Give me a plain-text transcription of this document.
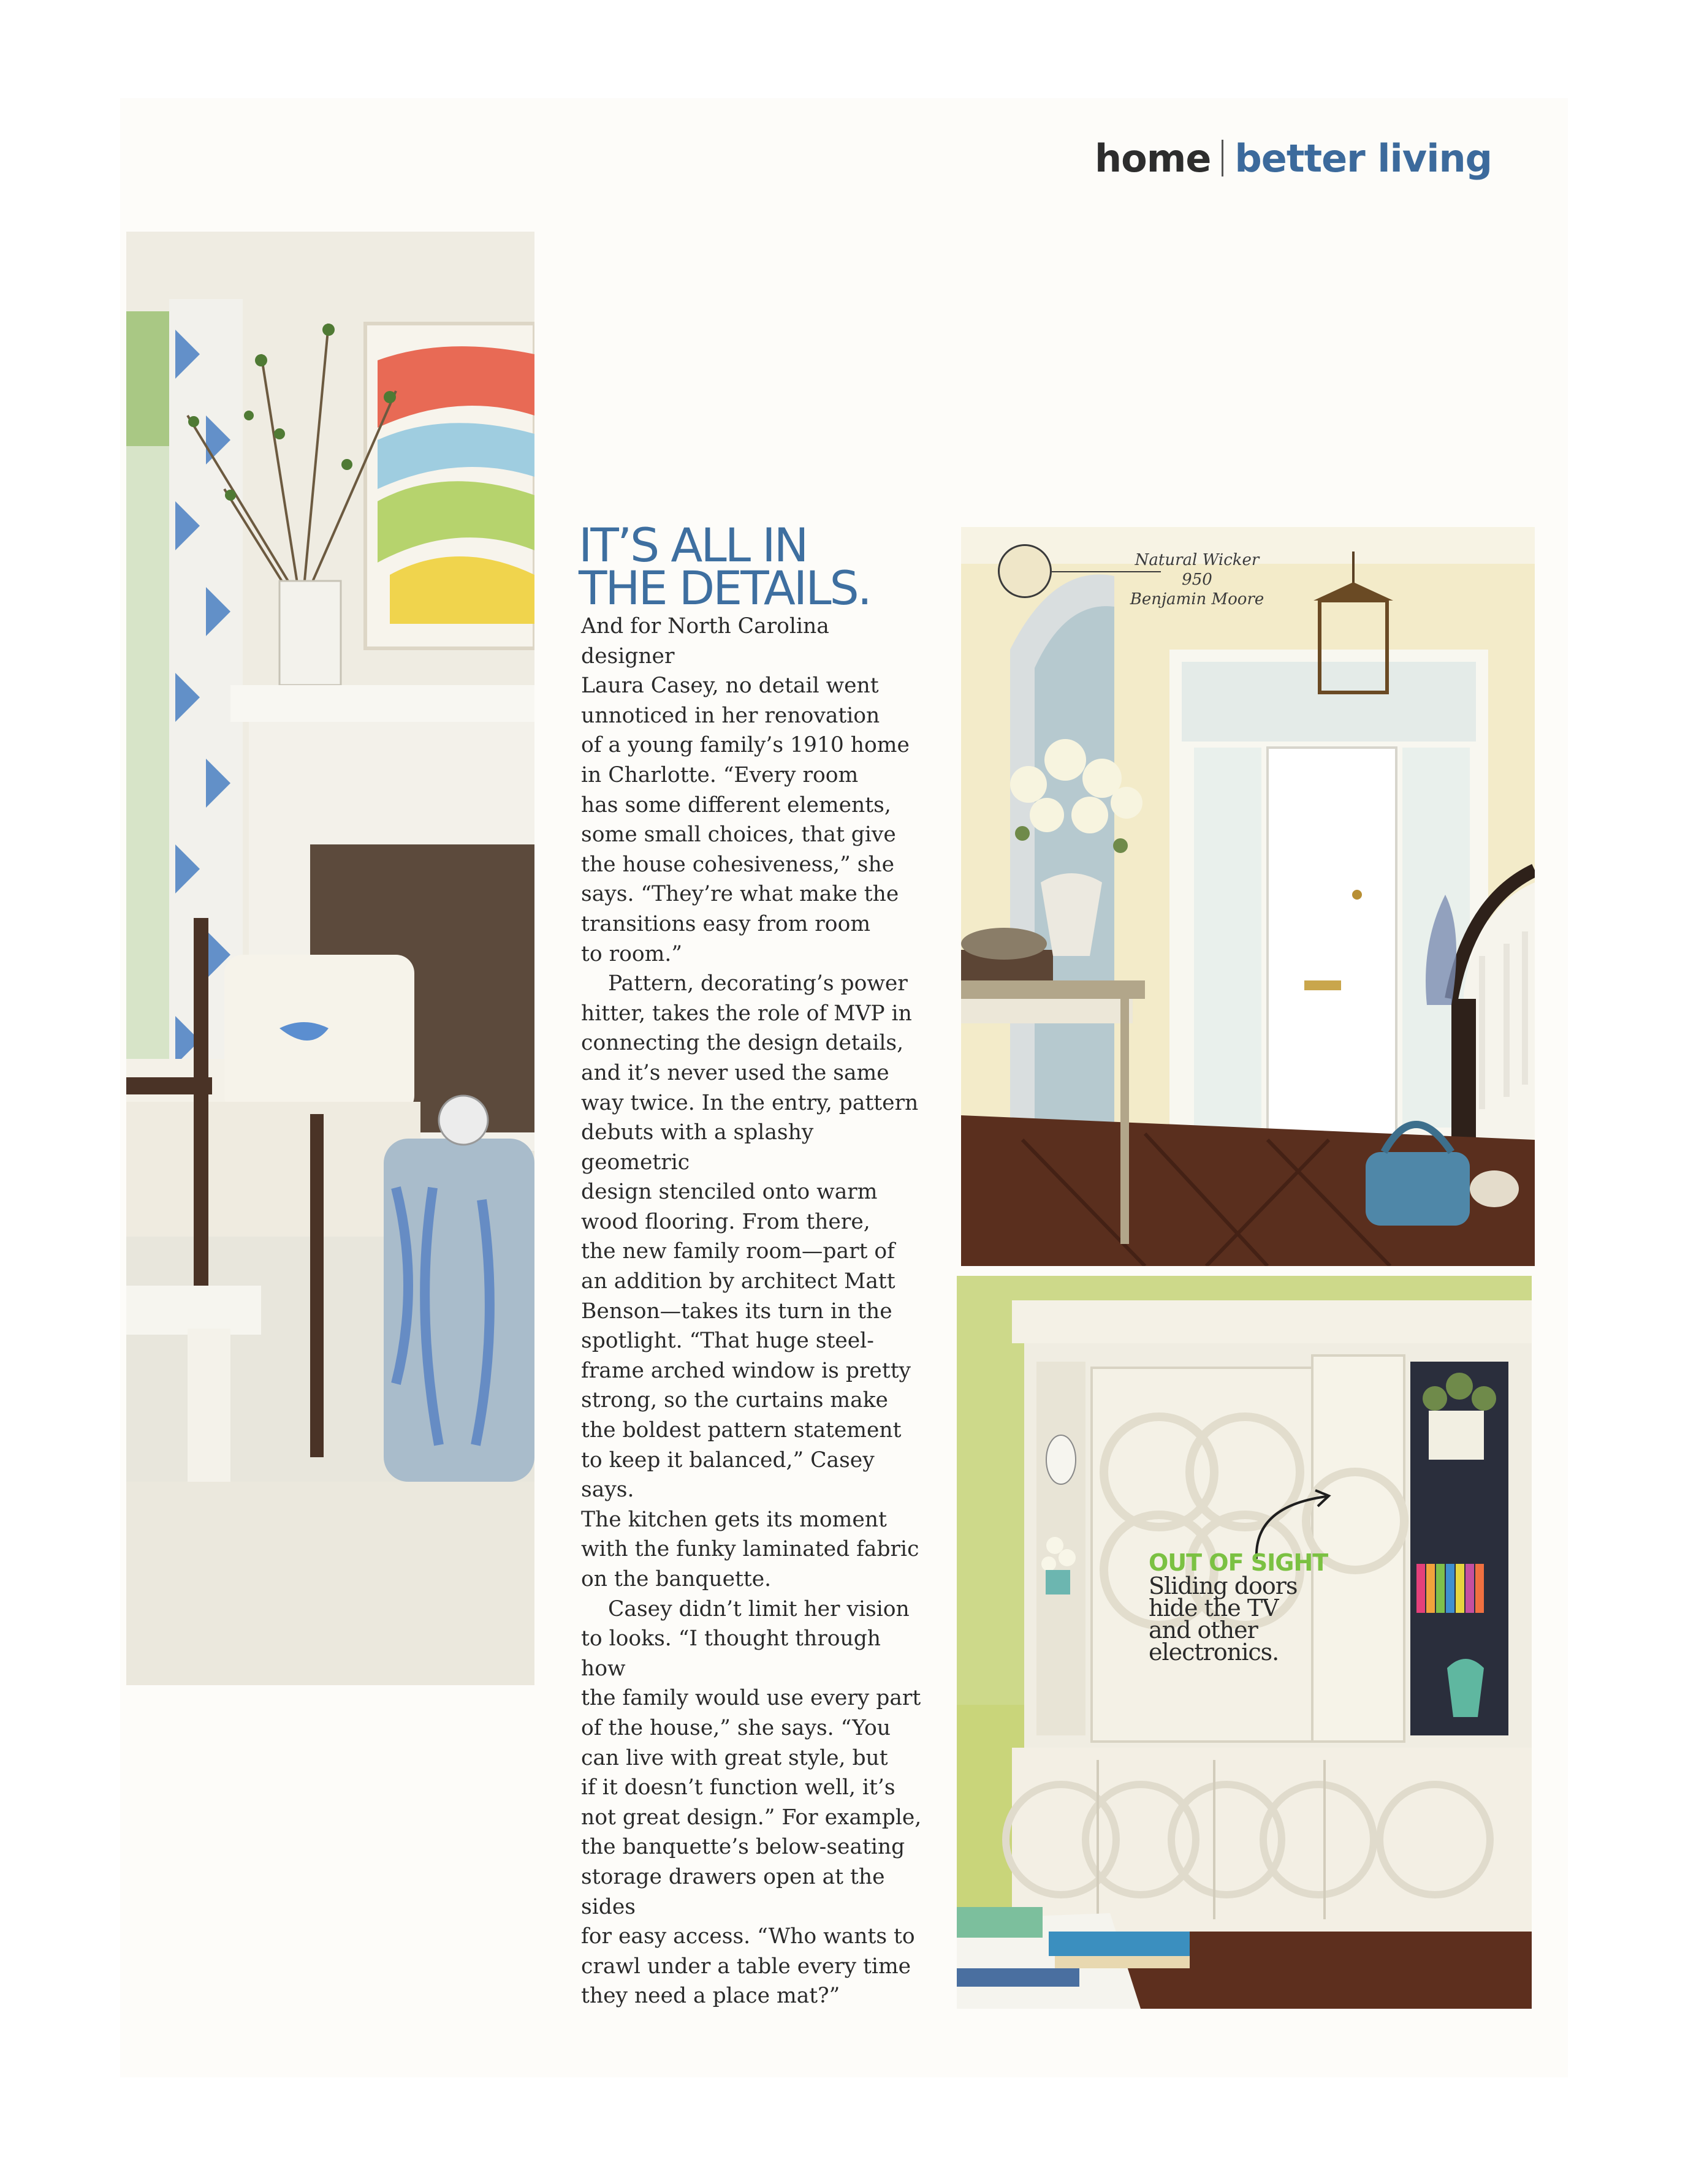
home better living
IT’S ALL IN
THE DETAILS.

And for North Carolina designer
Laura Casey, no detail went
unnoticed in her renovation
of a young family’s 1910 home
in Charlotte. “Every room
has some different elements,
some small choices, that give
the house cohesiveness,” she
says. “They’re what make the
transitions easy from room
to room.”

Pattern, decorating’s power
hitter, takes the role of MVP in
connecting the design details,
and it’s never used the same
way twice. In the entry, pattern
debuts with a splashy geometric
design stenciled onto warm
wood flooring. From there,
the new family room—part of
an addition by architect Matt
Benson—takes its turn in the
spotlight. “That huge steel-
frame arched window is pretty
strong, so the curtains make
the boldest pattern statement
to keep it balanced,” Casey says.
The kitchen gets its moment
with the funky laminated fabric
on the banquette.

Casey didn’t limit her vision
to looks. “I thought through how
the family would use every part
of the house,” she says. “You
can live with great style, but
if it doesn’t function well, it’s
not great design.” For example,
the banquette’s below-seating
storage drawers open at the sides
for easy access. “Who wants to
crawl under a table every time
they need a place mat?”

Natural Wicker 950
Benjamin Moore
OUT OF SIGHT
Sliding doors
hide the TV
and other
electronics.
